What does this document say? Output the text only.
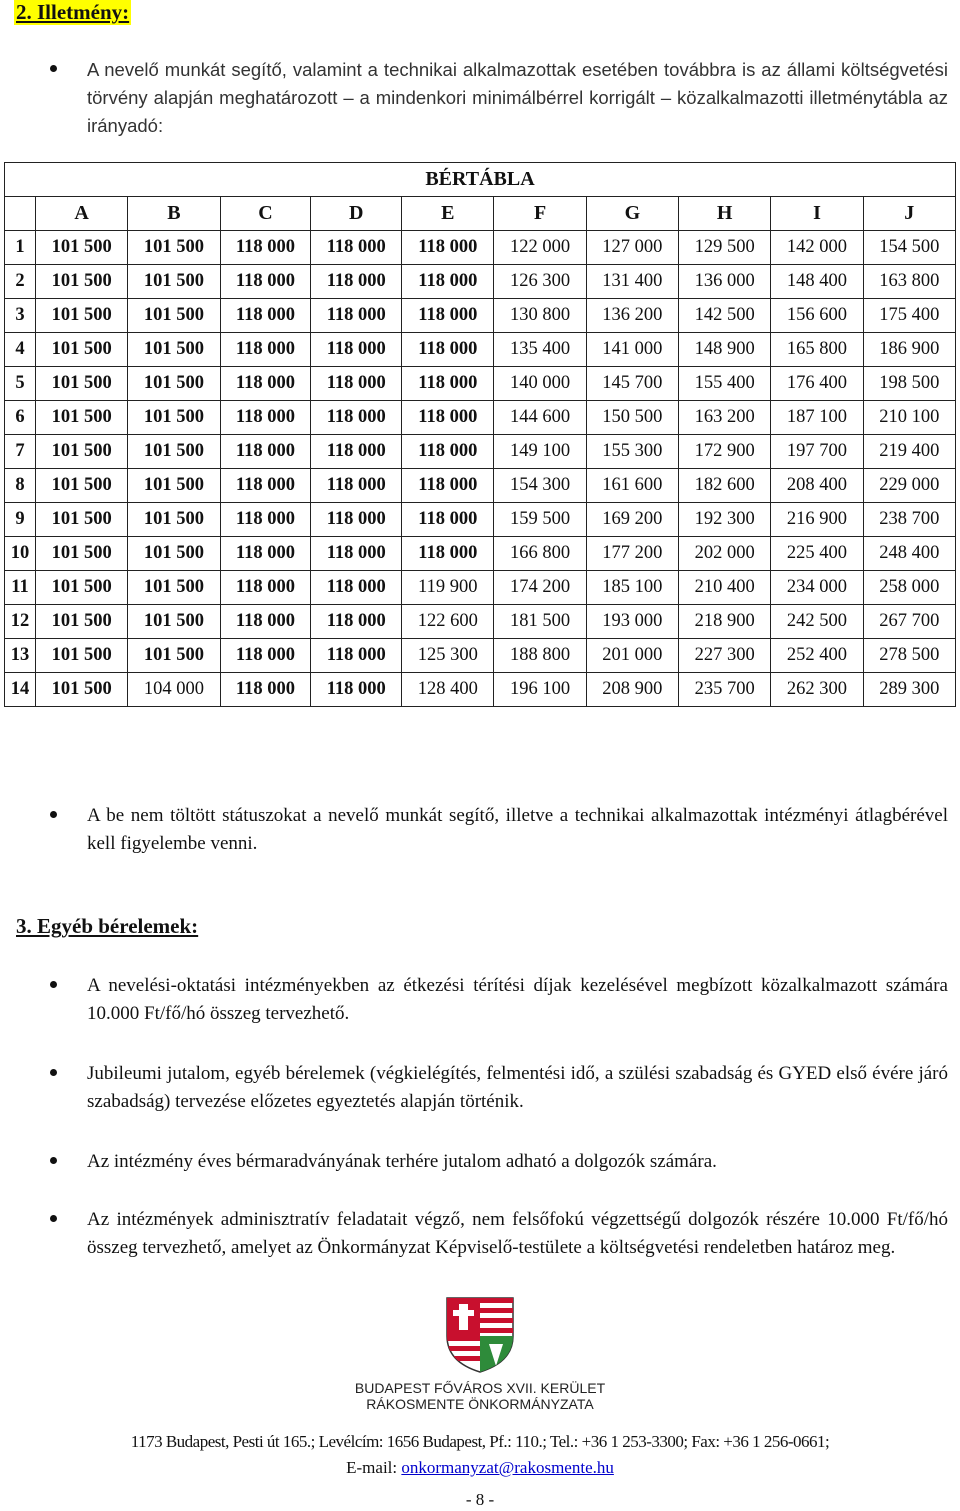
2. Illetmény:
A nevelő munkát segítő, valamint a technikai alkalmazottak esetében továbbra is az állami költségvetési törvény alapján meghatározott – a mindenkori minimálbérrel korrigált – közalkalmazotti illetménytábla az irányadó:
BÉRTÁBLA										
	A	B	C	D	E	F	G	H	I	J
1	101 500	101 500	118 000	118 000	118 000	122 000	127 000	129 500	142 000	154 500
2	101 500	101 500	118 000	118 000	118 000	126 300	131 400	136 000	148 400	163 800
3	101 500	101 500	118 000	118 000	118 000	130 800	136 200	142 500	156 600	175 400
4	101 500	101 500	118 000	118 000	118 000	135 400	141 000	148 900	165 800	186 900
5	101 500	101 500	118 000	118 000	118 000	140 000	145 700	155 400	176 400	198 500
6	101 500	101 500	118 000	118 000	118 000	144 600	150 500	163 200	187 100	210 100
7	101 500	101 500	118 000	118 000	118 000	149 100	155 300	172 900	197 700	219 400
8	101 500	101 500	118 000	118 000	118 000	154 300	161 600	182 600	208 400	229 000
9	101 500	101 500	118 000	118 000	118 000	159 500	169 200	192 300	216 900	238 700
10	101 500	101 500	118 000	118 000	118 000	166 800	177 200	202 000	225 400	248 400
11	101 500	101 500	118 000	118 000	119 900	174 200	185 100	210 400	234 000	258 000
12	101 500	101 500	118 000	118 000	122 600	181 500	193 000	218 900	242 500	267 700
13	101 500	101 500	118 000	118 000	125 300	188 800	201 000	227 300	252 400	278 500
14	101 500	104 000	118 000	118 000	128 400	196 100	208 900	235 700	262 300	289 300
A be nem töltött státuszokat a nevelő munkát segítő, illetve a technikai alkalmazottak intézményi átlagbérével kell figyelembe venni.
3. Egyéb bérelemek:
A nevelési-oktatási intézményekben az étkezési térítési díjak kezelésével megbízott közalkalmazott számára 10.000 Ft/fő/hó összeg tervezhető.
Jubileumi jutalom, egyéb bérelemek (végkielégítés, felmentési idő, a szülési szabadság és GYED első évére járó szabadság) tervezése előzetes egyeztetés alapján történik.
Az intézmény éves bérmaradványának terhére jutalom adható a dolgozók számára.
Az intézmények adminisztratív feladatait végző, nem felsőfokú végzettségű dolgozók részére 10.000 Ft/fő/hó összeg tervezhető, amelyet az Önkormányzat Képviselő-testülete a költségvetési rendeletben határoz meg.
BUDAPEST FŐVÁROS XVII. KERÜLET
RÁKOSMENTE ÖNKORMÁNYZATA
1173 Budapest, Pesti út 165.; Levélcím: 1656 Budapest, Pf.: 110.; Tel.: +36 1 253-3300; Fax: +36 1 256-0661;
E-mail: onkormanyzat@rakosmente.hu
- 8 -
